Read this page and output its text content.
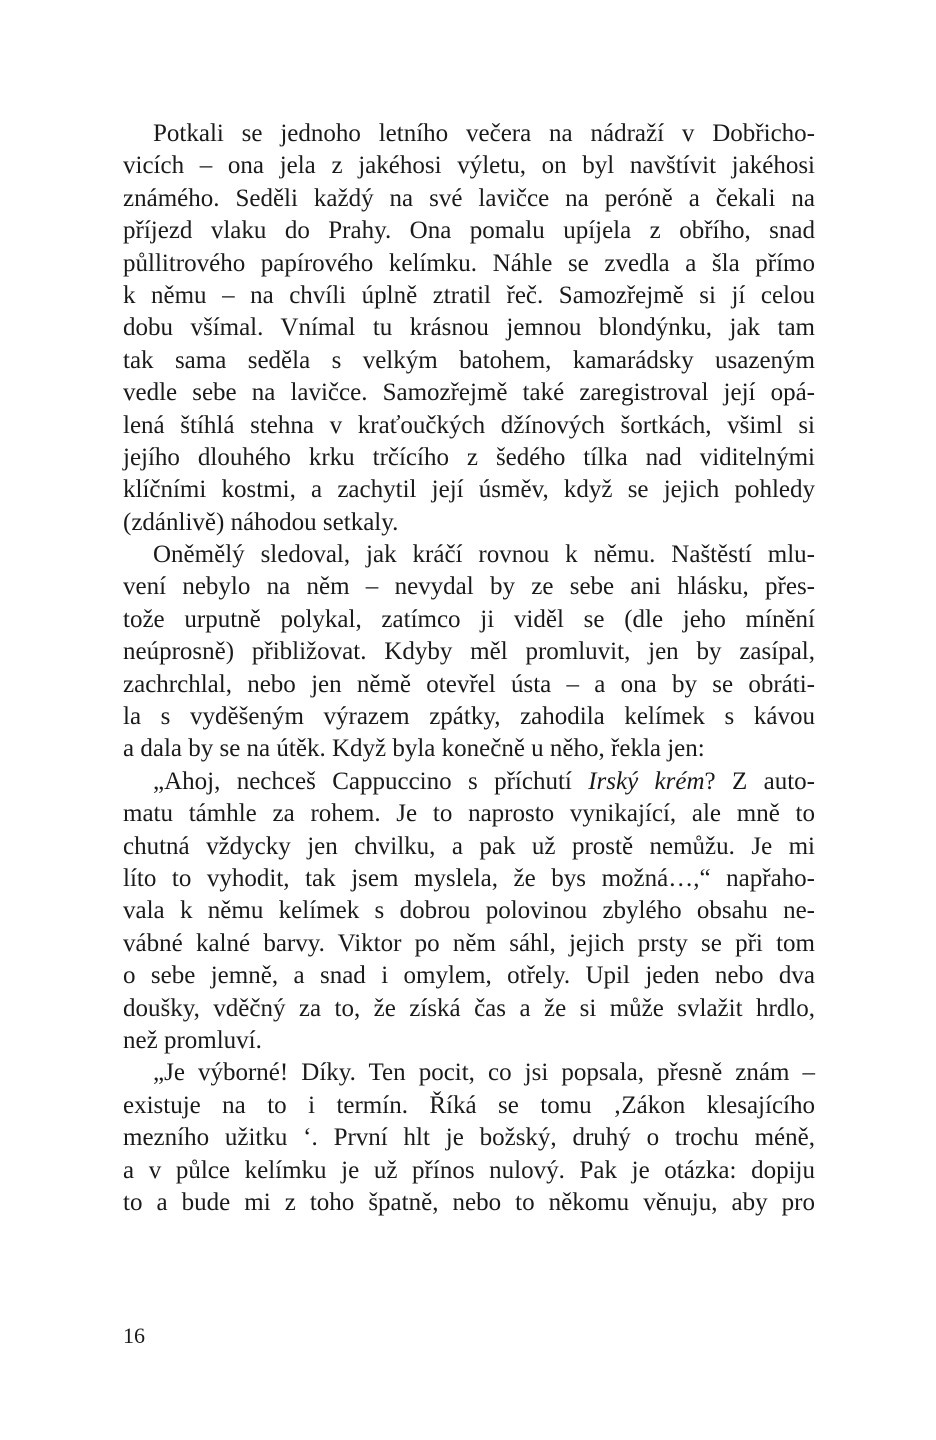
Potkali se jednoho letního večera na nádraží v Dobřicho-
vicích – ona jela z jakéhosi výletu, on byl navštívit jakéhosi
známého. Seděli každý na své lavičce na peróně a čekali na
příjezd vlaku do Prahy. Ona pomalu upíjela z obřího, snad
půllitrového papírového kelímku. Náhle se zvedla a šla přímo
k němu – na chvíli úplně ztratil řeč. Samozřejmě si jí celou
dobu všímal. Vnímal tu krásnou jemnou blondýnku, jak tam
tak sama seděla s velkým batohem, kamarádsky usazeným
vedle sebe na lavičce. Samozřejmě také zaregistroval její opá-
lená štíhlá stehna v kraťoučkých džínových šortkách, všiml si
jejího dlouhého krku trčícího z šedého tílka nad viditelnými
klíčními kostmi, a zachytil její úsměv, když se jejich pohledy
(zdánlivě) náhodou setkaly.
Oněmělý sledoval, jak kráčí rovnou k němu. Naštěstí mlu-
vení nebylo na něm – nevydal by ze sebe ani hlásku, přes-
tože urputně polykal, zatímco ji viděl se (dle jeho mínění
neúprosně) přibližovat. Kdyby měl promluvit, jen by zasípal,
zachrchlal, nebo jen němě otevřel ústa – a ona by se obráti-
la s vyděšeným výrazem zpátky, zahodila kelímek s kávou
a dala by se na útěk. Když byla konečně u něho, řekla jen:
„Ahoj, nechceš Cappuccino s příchutí Irský krém? Z auto-
matu támhle za rohem. Je to naprosto vynikající, ale mně to
chutná vždycky jen chvilku, a pak už prostě nemůžu. Je mi
líto to vyhodit, tak jsem myslela, že bys možná…,“ napřaho-
vala k němu kelímek s dobrou polovinou zbylého obsahu ne-
vábné kalné barvy. Viktor po něm sáhl, jejich prsty se při tom
o sebe jemně, a snad i omylem, otřely. Upil jeden nebo dva
doušky, vděčný za to, že získá čas a že si může svlažit hrdlo,
než promluví.
„Je výborné! Díky. Ten pocit, co jsi popsala, přesně znám –
existuje na to i termín. Říká se tomu ‚Zákon klesajícího
mezního užitku ‘. První hlt je božský, druhý o trochu méně,
a v půlce kelímku je už přínos nulový. Pak je otázka: dopiju
to a bude mi z toho špatně, nebo to někomu věnuju, aby pro
16
